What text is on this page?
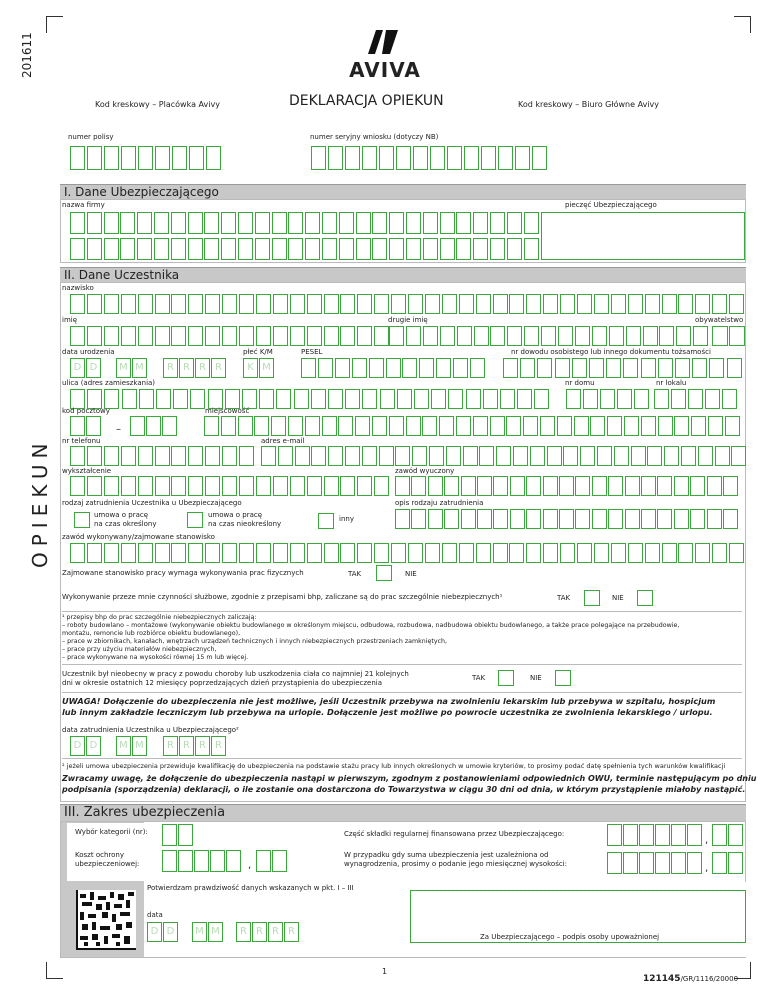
201611
OPIEKUN
AVIVA
Kod kreskowy – Placówka Avivy	DEKLARACJA OPIEKUN	Kod kreskowy – Biuro Główne Avivy
numer polisy	numer seryjny wniosku (dotyczy NB)
I. Dane Ubezpieczającego
nazwa firmy	pieczęć Ubezpieczającego
II. Dane Uczestnika
nazwisko
imię	drugie imię	obywatelstwo
data urodzenia	płeć K/M	PESEL	nr dowodu osobistego lub innego dokumentu tożsamości
D D M M	R R R R	K M
ulica (adres zamieszkania)	nr domu	nr lokalu
kod pocztowy	miejscowość
–
nr telefonu	adres e-mail
wykształcenie	zawód wyuczony
rodzaj zatrudnienia Uczestnika u Ubezpieczającego	opis rodzaju zatrudnienia
umowa o pracę
na czas określony
umowa o pracę
na czas nieokreślony
inny
zawód wykonywany/zajmowane stanowisko
Zajmowane stanowisko pracy wymaga wykonywania prac fizycznych	TAK	NIE
Wykonywanie przeze mnie czynności służbowe, zgodnie z przepisami bhp, zaliczane są do prac szczególnie niebezpiecznych¹	TAK	NIE
¹ przepisy bhp do prac szczególnie niebezpiecznych zaliczają:
– roboty budowlano – montażowe (wykonywanie obiektu budowlanego w określonym miejscu, odbudowa, rozbudowa, nadbudowa obiektu budowlanego, a także prace polegające na przebudowie,
montażu, remoncie lub rozbiórce obiektu budowlanego),
– prace w zbiornikach, kanałach, wnętrzach urządzeń technicznych i innych niebezpiecznych przestrzeniach zamkniętych,
– prace przy użyciu materiałów niebezpiecznych,
– prace wykonywane na wysokości równej 15 m lub więcej.
Uczestnik był nieobecny w pracy z powodu choroby lub uszkodzenia ciała co najmniej 21 kolejnych
dni w okresie ostatnich 12 miesięcy poprzedzających dzień przystąpienia do ubezpieczenia
TAK	NIE
UWAGA! Dołączenie do ubezpieczenia nie jest możliwe, jeśli Uczestnik przebywa na zwolnieniu lekarskim lub przebywa w szpitalu, hospicjum
lub innym zakładzie leczniczym lub przebywa na urlopie. Dołączenie jest możliwe po powrocie uczestnika ze zwolnienia lekarskiego / urlopu.
data zatrudnienia Uczestnika u Ubezpieczającego²
D D M M	R R R R
² jeżeli umowa ubezpieczenia przewiduje kwalifikację do ubezpieczenia na podstawie stażu pracy lub innych określonych w umowie kryteriów, to prosimy podać datę spełnienia tych warunków kwalifikacji
Zwracamy uwagę, że dołączenie do ubezpieczenia nastąpi w pierwszym, zgodnym z postanowieniami odpowiednich OWU, terminie następującym po dniu
podpisania (sporządzenia) deklaracji, o ile zostanie ona dostarczona do Towarzystwa w ciągu 30 dni od dnia, w którym przystąpienie miałoby nastąpić.
III. Zakres ubezpieczenia
Wybór kategorii (nr):	Część składki regularnej finansowana przez Ubezpieczającego:
,
Koszt ochrony
ubezpieczeniowej:	,
W przypadku gdy suma ubezpieczenia jest uzależniona od
wynagrodzenia, prosimy o podanie jego miesięcznej wysokości:	,
Potwierdzam prawdziwość danych wskazanych w pkt. I – III
data
D D M M	R R R R	Za Ubezpieczającego – podpis osoby upoważnionej
1
121145/GR/1116/20000
